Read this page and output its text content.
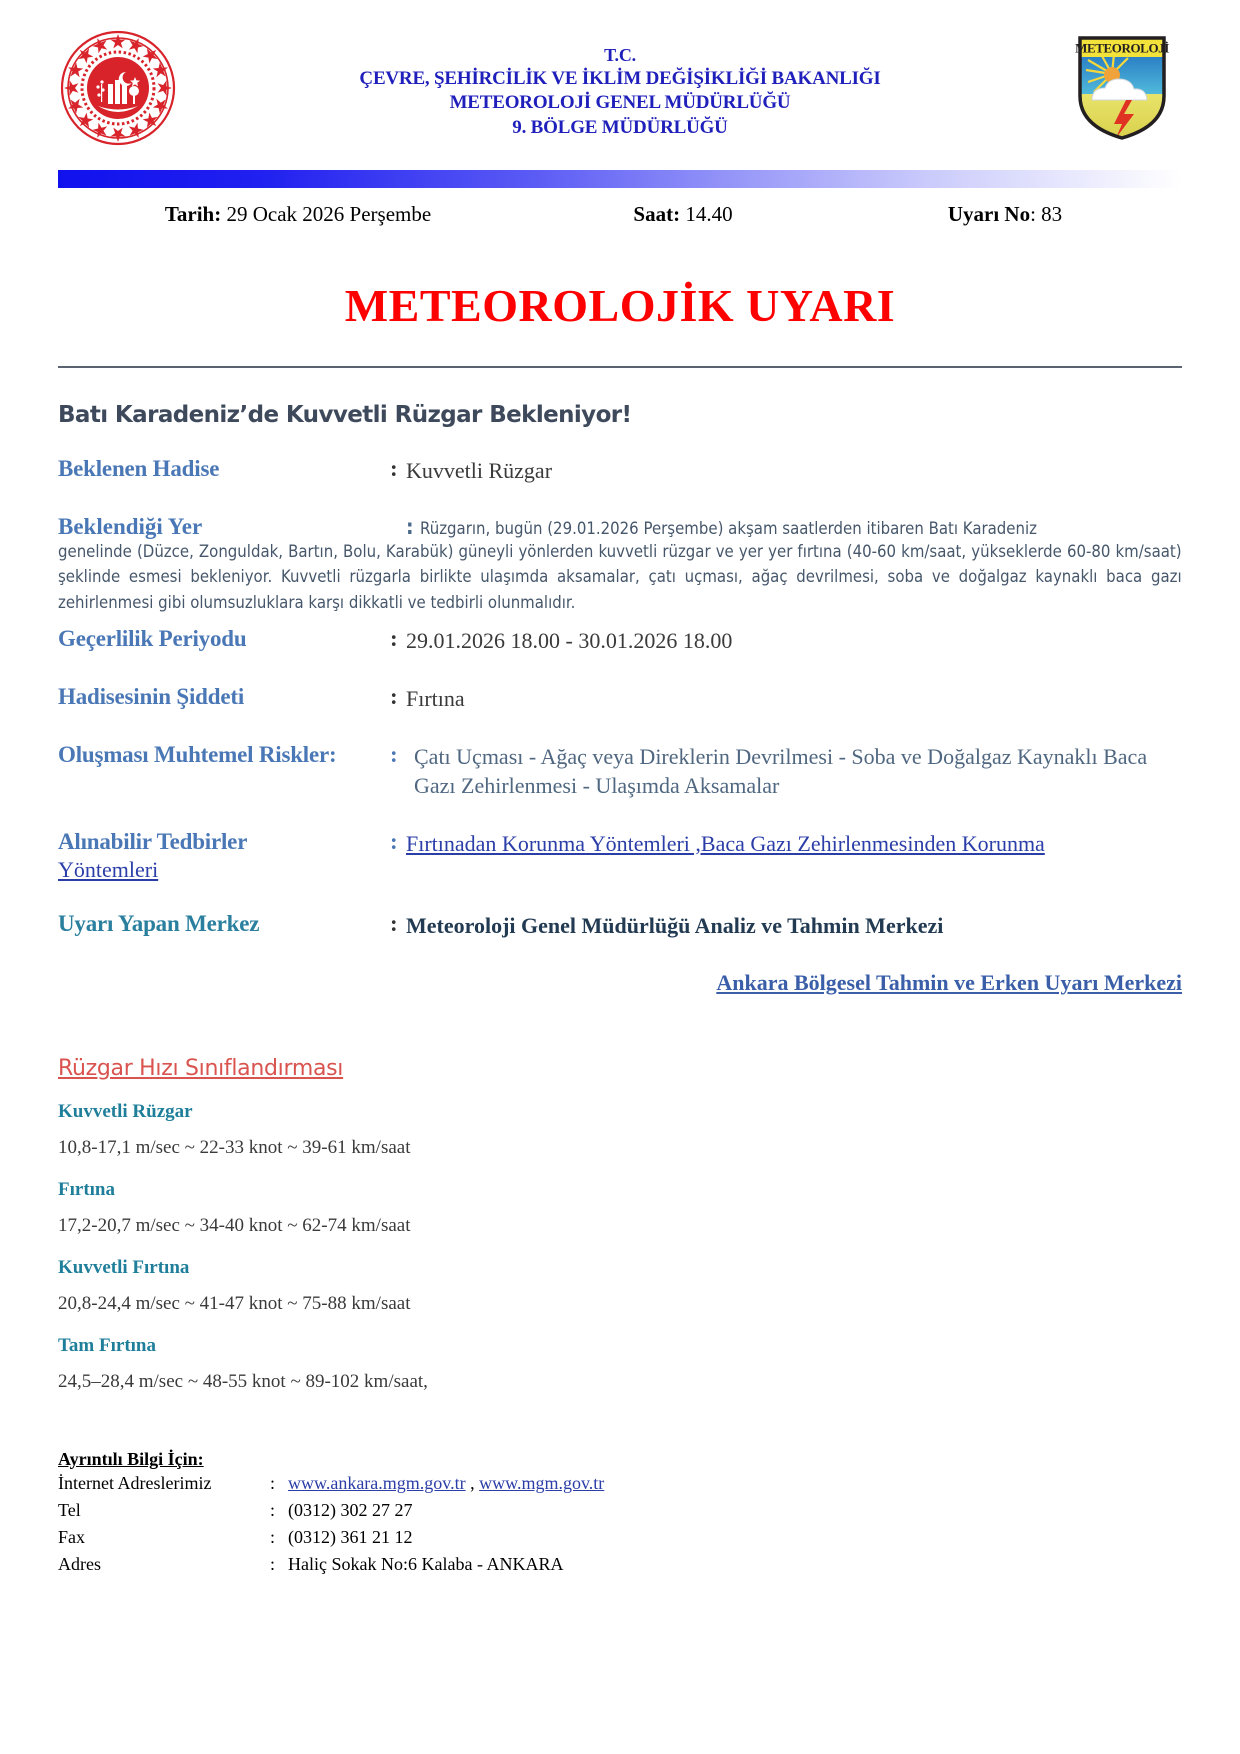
T.C.
ÇEVRE, ŞEHİRCİLİK VE İKLİM DEĞİŞİKLİĞİ BAKANLIĞI
METEOROLOJİ GENEL MÜDÜRLÜĞÜ
9. BÖLGE MÜDÜRLÜĞÜ
METEOROLOJİ
Tarih: 29 Ocak 2026 Perşembe	Saat: 14.40	Uyarı No: 83
METEOROLOJİK UYARI
Batı Karadeniz’de Kuvvetli Rüzgar Bekleniyor!
Beklenen Hadise	: Kuvvetli Rüzgar
Beklendiği Yer	: Rüzgarın, bugün (29.01.2026 Perşembe) akşam saatlerden itibaren Batı Karadeniz
genelinde (Düzce, Zonguldak, Bartın, Bolu, Karabük) güneyli yönlerden kuvvetli rüzgar ve yer yer fırtına (40-60 km/saat, yükseklerde 60-80 km/saat) şeklinde esmesi bekleniyor. Kuvvetli rüzgarla birlikte ulaşımda aksamalar, çatı uçması, ağaç devrilmesi, soba ve doğalgaz kaynaklı baca gazı zehirlenmesi gibi olumsuzluklara karşı dikkatli ve tedbirli olunmalıdır.
Geçerlilik Periyodu	: 29.01.2026 18.00 - 30.01.2026 18.00
Hadisesinin Şiddeti	: Fırtına
Oluşması Muhtemel Riskler:	: Çatı Uçması - Ağaç veya Direklerin Devrilmesi - Soba ve Doğalgaz Kaynaklı Baca Gazı Zehirlenmesi - Ulaşımda Aksamalar
Alınabilir Tedbirler	: Fırtınadan Korunma Yöntemleri ,Baca Gazı Zehirlenmesinden Korunma
Yöntemleri
Uyarı Yapan Merkez	: Meteoroloji Genel Müdürlüğü Analiz ve Tahmin Merkezi
Ankara Bölgesel Tahmin ve Erken Uyarı Merkezi
Rüzgar Hızı Sınıflandırması
Kuvvetli Rüzgar
10,8-17,1 m/sec ~ 22-33 knot ~ 39-61 km/saat
Fırtına
17,2-20,7 m/sec ~ 34-40 knot ~ 62-74 km/saat
Kuvvetli Fırtına
20,8-24,4 m/sec ~ 41-47 knot ~ 75-88 km/saat
Tam Fırtına
24,5–28,4 m/sec ~ 48-55 knot ~ 89-102 km/saat,
Ayrıntılı Bilgi İçin:
İnternet Adreslerimiz	: www.ankara.mgm.gov.tr , www.mgm.gov.tr
Tel	: (0312) 302 27 27
Fax	: (0312) 361 21 12
Adres	: Haliç Sokak No:6 Kalaba - ANKARA
